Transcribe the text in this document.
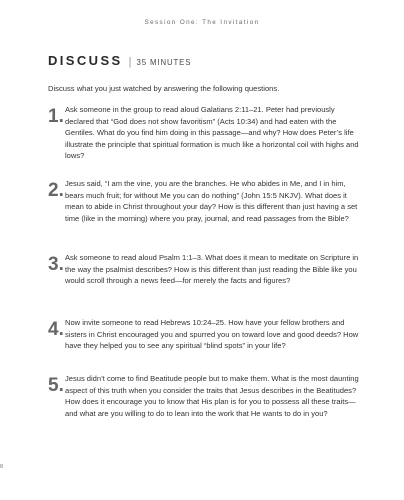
Session One: The Invitation
DISCUSS | 35 MINUTES
Discuss what you just watched by answering the following questions.
1. Ask someone in the group to read aloud Galatians 2:11–21. Peter had previously declared that “God does not show favoritism” (Acts 10:34) and had eaten with the Gentiles. What do you find him doing in this passage—and why? How does Peter’s life illustrate the principle that spiritual formation is much like a horizontal coil with highs and lows?

2. Jesus said, “I am the vine, you are the branches. He who abides in Me, and I in him, bears much fruit; for without Me you can do nothing” (John 15:5 NKJV). What does it mean to abide in Christ throughout your day? How is this different than just having a set time (like in the morning) where you pray, journal, and read passages from the Bible?

3. Ask someone to read aloud Psalm 1:1–3. What does it mean to meditate on Scripture in the way the psalmist describes? How is this different than just reading the Bible like you would scroll through a news feed—for merely the facts and figures?

4. Now invite someone to read Hebrews 10:24–25. How have your fellow brothers and sisters in Christ encouraged you and spurred you on toward love and good deeds? How have they helped you to see any spiritual “blind spots” in your life?

5. Jesus didn’t come to find Beatitude people but to make them. What is the most daunting aspect of this truth when you consider the traits that Jesus describes in the Beatitudes? How does it encourage you to know that His plan is for you to possess all these traits—and what are you willing to do to lean into the work that He wants to do in you?

8
